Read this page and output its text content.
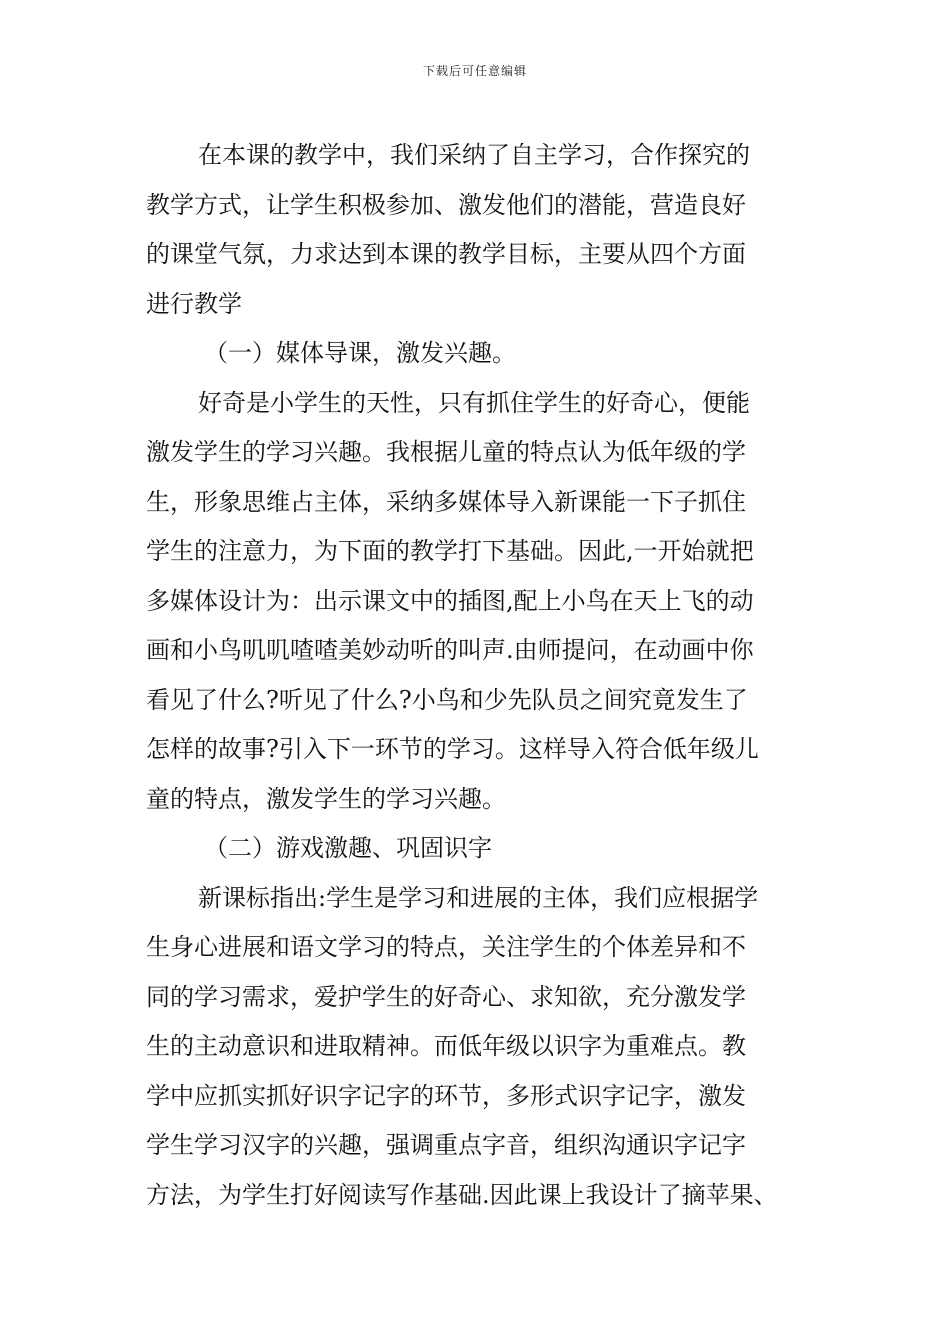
下载后可任意编辑
在本课的教学中，我们采纳了自主学习，合作探究的
教学方式，让学生积极参加、激发他们的潜能，营造良好
的课堂气氛，力求达到本课的教学目标，主要从四个方面
进行教学
（一）媒体导课，激发兴趣。
好奇是小学生的天性，只有抓住学生的好奇心，便能
激发学生的学习兴趣。我根据儿童的特点认为低年级的学
生，形象思维占主体，采纳多媒体导入新课能一下子抓住
学生的注意力，为下面的教学打下基础。因此,一开始就把
多媒体设计为：出示课文中的插图,配上小鸟在天上飞的动
画和小鸟叽叽喳喳美妙动听的叫声.由师提问，在动画中你
看见了什么?听见了什么?小鸟和少先队员之间究竟发生了
怎样的故事?引入下一环节的学习。这样导入符合低年级儿
童的特点，激发学生的学习兴趣。
（二）游戏激趣、巩固识字
新课标指出:学生是学习和进展的主体，我们应根据学
生身心进展和语文学习的特点，关注学生的个体差异和不
同的学习需求，爱护学生的好奇心、求知欲，充分激发学
生的主动意识和进取精神。而低年级以识字为重难点。教
学中应抓实抓好识字记字的环节，多形式识字记字，激发
学生学习汉字的兴趣，强调重点字音，组织沟通识字记字
方法，为学生打好阅读写作基础.因此课上我设计了摘苹果、
